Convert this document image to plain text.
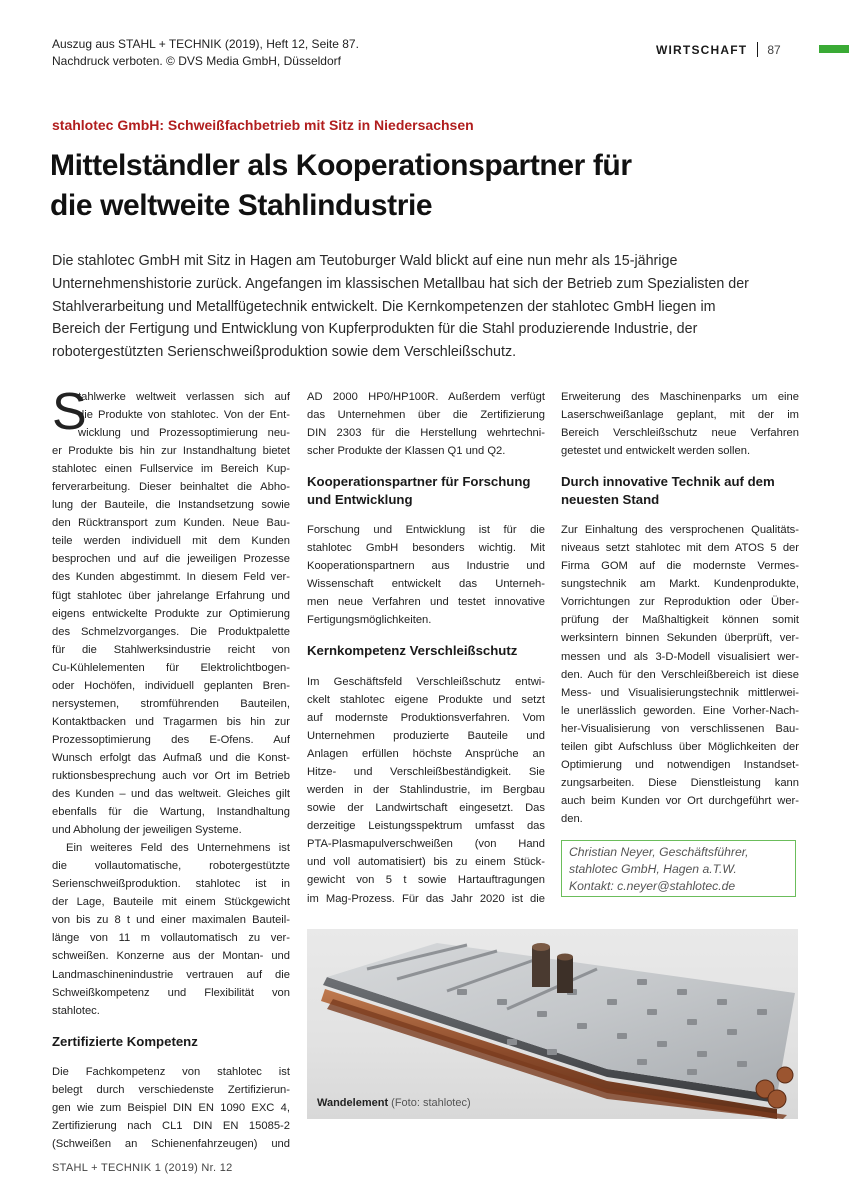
Auszug aus STAHL + TECHNIK (2019), Heft 12, Seite 87.

Nachdruck verboten. © DVS Media GmbH, Düsseldorf

WIRTSCHAFT 87
stahlotec GmbH: Schweißfachbetrieb mit Sitz in Niedersachsen
Mittelständler als Kooperationspartner für
die weltweite Stahlindustrie
Die stahlotec GmbH mit Sitz in Hagen am Teutoburger Wald blickt auf eine nun mehr als 15-jährige
Unternehmenshistorie zurück. Angefangen im klassischen Metallbau hat sich der Betrieb zum Spezialisten der
Stahlverarbeitung und Metallfügetechnik entwickelt. Die Kernkompetenzen der stahlotec GmbH liegen im
Bereich der Fertigung und Entwicklung von Kupferprodukten für die Stahl produzierende Industrie, der
robotergestützten Serienschweißproduktion sowie dem Verschleißschutz.
S
tahlwerke weltweit verlassen sich auf
die Produkte von stahlotec. Von der Ent-
wicklung und Prozessoptimierung neu-
er Produkte bis hin zur Instandhaltung bietet
stahlotec einen Fullservice im Bereich Kup-
ferverarbeitung. Dieser beinhaltet die Abho-
lung der Bauteile, die Instandsetzung sowie
den Rücktransport zum Kunden. Neue Bau-
teile werden individuell mit dem Kunden
besprochen und auf die jeweiligen Prozesse
des Kunden abgestimmt. In diesem Feld ver-
fügt stahlotec über jahrelange Erfahrung und
eigens entwickelte Produkte zur Optimierung
des Schmelzvorganges. Die Produktpalette
für die Stahlwerksindustrie reicht von
Cu-Kühlelementen für Elektrolichtbogen-
oder Hochöfen, individuell geplanten Bren-
nersystemen, stromführenden Bauteilen,
Kontaktbacken und Tragarmen bis hin zur
Prozessoptimierung des E-Ofens. Auf
Wunsch erfolgt das Aufmaß und die Konst-
ruktionsbesprechung auch vor Ort im Betrieb
des Kunden – und das weltweit. Gleiches gilt
ebenfalls für die Wartung, Instandhaltung
und Abholung der jeweiligen Systeme.
Ein weiteres Feld des Unternehmens ist
die vollautomatische, robotergestützte
Serienschweißproduktion. stahlotec ist in
der Lage, Bauteile mit einem Stückgewicht
von bis zu 8 t und einer maximalen Bauteil-
länge von 11 m vollautomatisch zu ver-
schweißen. Konzerne aus der Montan- und
Landmaschinenindustrie vertrauen auf die
Schweißkompetenz und Flexibilität von
stahlotec.
Zertifizierte Kompetenz
Die Fachkompetenz von stahlotec ist
belegt durch verschiedenste Zertifizierun-
gen wie zum Beispiel DIN EN 1090 EXC 4,
Zertifizierung nach CL1 DIN EN 15085-2
(Schweißen an Schienenfahrzeugen) und
AD 2000 HP0/HP100R. Außerdem verfügt
das Unternehmen über die Zertifizierung
DIN 2303 für die Herstellung wehrtechni-
scher Produkte der Klassen Q1 und Q2.
Kooperationspartner für Forschung
und Entwicklung
Forschung und Entwicklung ist für die
stahlotec GmbH besonders wichtig. Mit
Kooperationspartnern aus Industrie und
Wissenschaft entwickelt das Unterneh-
men neue Verfahren und testet innovative
Fertigungsmöglichkeiten.
Kernkompetenz Verschleißschutz
Im Geschäftsfeld Verschleißschutz entwi-
ckelt stahlotec eigene Produkte und setzt
auf modernste Produktionsverfahren. Vom
Unternehmen produzierte Bauteile und
Anlagen erfüllen höchste Ansprüche an
Hitze- und Verschleißbeständigkeit. Sie
werden in der Stahlindustrie, im Bergbau
sowie der Landwirtschaft eingesetzt. Das
derzeitige Leistungsspektrum umfasst das
PTA-Plasmapulverschweißen (von Hand
und voll automatisiert) bis zu einem Stück-
gewicht von 5 t sowie Hartauftragungen
im Mag-Prozess. Für das Jahr 2020 ist die
Erweiterung des Maschinenparks um eine
Laserschweißanlage geplant, mit der im
Bereich Verschleißschutz neue Verfahren
getestet und entwickelt werden sollen.
Durch innovative Technik auf dem
neuesten Stand
Zur Einhaltung des versprochenen Qualitäts-
niveaus setzt stahlotec mit dem ATOS 5 der
Firma GOM auf die modernste Vermes-
sungstechnik am Markt. Kundenprodukte,
Vorrichtungen zur Reproduktion oder Über-
prüfung der Maßhaltigkeit können somit
werksintern binnen Sekunden überprüft, ver-
messen und als 3-D-Modell visualisiert wer-
den. Auch für den Verschleißbereich ist diese
Mess- und Visualisierungstechnik mittlerwei-
le unerlässlich geworden. Eine Vorher-Nach-
her-Visualisierung von verschlissenen Bau-
teilen gibt Aufschluss über Möglichkeiten der
Optimierung und notwendigen Instandset-
zungsarbeiten. Diese Dienstleistung kann
auch beim Kunden vor Ort durchgeführt wer-
den.
Christian Neyer, Geschäftsführer,
stahlotec GmbH, Hagen a.T.W.
Kontakt: c.neyer@stahlotec.de
Wandelement (Foto: stahlotec)
STAHL + TECHNIK 1 (2019) Nr. 12
